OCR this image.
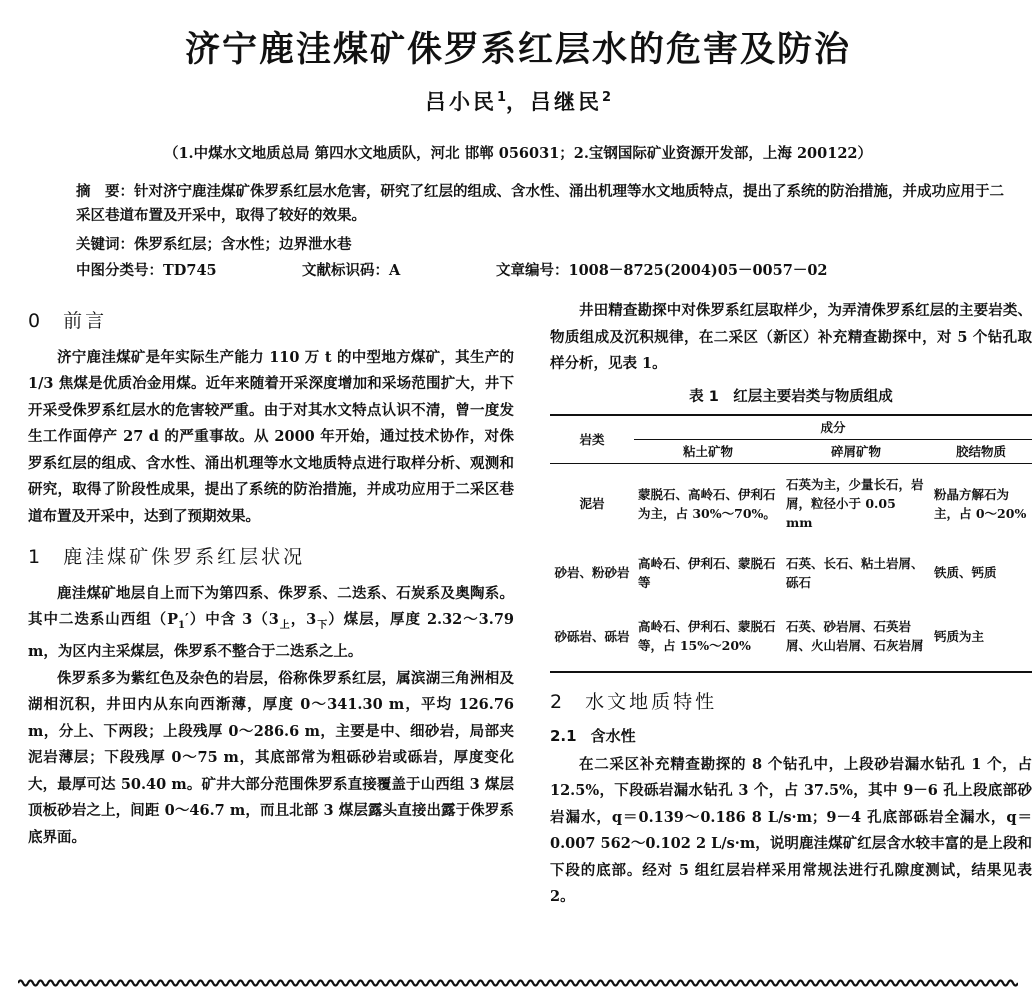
济宁鹿洼煤矿侏罗系红层水的危害及防治
吕小民$^1$，吕继民$^2$
（1.中煤水文地质总局 第四水文地质队，河北 邯郸 056031；2.宝钢国际矿业资源开发部，上海 200122）
摘　要：针对济宁鹿洼煤矿侏罗系红层水危害，研究了红层的组成、含水性、涌出机理等水文地质特点，提出了系统的防治措施，并成功应用于二采区巷道布置及开采中，取得了较好的效果。
关键词：侏罗系红层；含水性；边界泄水巷
中图分类号：TD745	文献标识码：A	文章编号：1008－8725(2004)05－0057－02
0 前言

济宁鹿洼煤矿是年实际生产能力 110 万 t 的中型地方煤矿，其生产的 1/3 焦煤是优质冶金用煤。近年来随着开采深度增加和采场范围扩大，井下开采受侏罗系红层水的危害较严重。由于对其水文特点认识不清，曾一度发生工作面停产 27 d 的严重事故。从 2000 年开始，通过技术协作，对侏罗系红层的组成、含水性、涌出机理等水文地质特点进行取样分析、观测和研究，取得了阶段性成果，提出了系统的防治措施，并成功应用于二采区巷道布置及开采中，达到了预期效果。

1 鹿洼煤矿侏罗系红层状况

鹿洼煤矿地层自上而下为第四系、侏罗系、二迭系、石炭系及奥陶系。其中二迭系山西组$(P_1')$中含 $3(3_上$，$3_下$）煤层，厚度 2.32～3.79 m，为区内主采煤层，侏罗系不整合于二迭系之上。

侏罗系多为紫红色及杂色的岩层，俗称侏罗系红层，属滨湖三角洲相及湖相沉积，井田内从东向西渐薄，厚度 0～341.30 m，平均 126.76 m，分上、下两段；上段残厚 0～286.6 m，主要是中、细砂岩，局部夹泥岩薄层；下段残厚 0～75 m，其底部常为粗砾砂岩或砾岩，厚度变化大，最厚可达 50.40 m。矿井大部分范围侏罗系直接覆盖于山西组 3 煤层顶板砂岩之上，间距 0～46.7 m，而且北部 3 煤层露头直接出露于侏罗系底界面。

井田精查勘探中对侏罗系红层取样少，为弄清侏罗系红层的主要岩类、物质组成及沉积规律，在二采区（新区）补充精查勘探中，对 5 个钻孔取样分析，见表 1。

表 1　红层主要岩类与物质组成
岩类	成分		
	粘土矿物	碎屑矿物	胶结物质
泥岩	蒙脱石、高岭石、伊利石为主，占 30%～70%。	石英为主，少量长石，岩屑，粒径小于 0.05 mm	粉晶方解石为主，占 0～20%
砂岩、粉砂岩	高岭石、伊利石、蒙脱石等	石英、长石、粘土岩屑、砾石	铁质、钙质
砂砾岩、砾岩	高岭石、伊利石、蒙脱石等，占 15%～20%	石英、砂岩屑、石英岩屑、火山岩屑、石灰岩屑	钙质为主
2 水文地质特性
2.1 含水性

在二采区补充精查勘探的 8 个钻孔中，上段砂岩漏水钻孔 1 个，占 12.5%，下段砾岩漏水钻孔 3 个，占 37.5%，其中 9－6 孔上段底部砂岩漏水，q＝0.139～0.186 8 L/s·m；9－4 孔底部砾岩全漏水，q＝0.007 562～0.102 2 L/s·m，说明鹿洼煤矿红层含水较丰富的是上段和下段的底部。经对 5 组红层岩样采用常规法进行孔隙度测试，结果见表 2。
